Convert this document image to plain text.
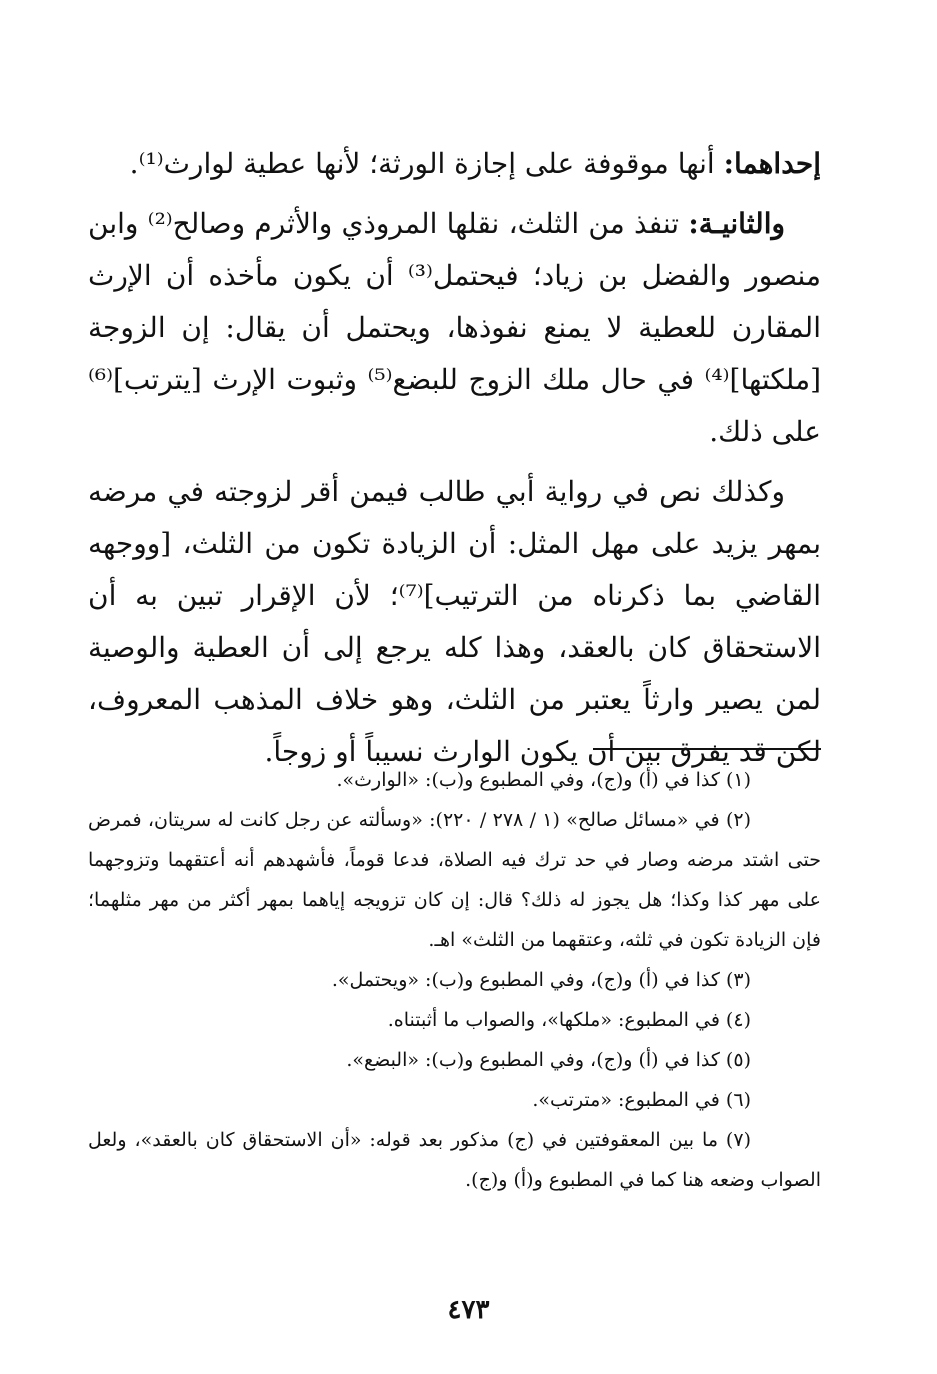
إحداهما: أنها موقوفة على إجازة الورثة؛ لأنها عطية لوارث⁽¹⁾.

والثانيـة: تنفذ من الثلث، نقلها المروذي والأثرم وصالح⁽²⁾ وابن منصور والفضل بن زياد؛ فيحتمل⁽³⁾ أن يكون مأخذه أن الإرث المقارن للعطية لا يمنع نفوذها، ويحتمل أن يقال: إن الزوجة [ملكتها]⁽⁴⁾ في حال ملك الزوج للبضع⁽⁵⁾ وثبوت الإرث [يترتب]⁽⁶⁾ على ذلك.

وكذلك نص في رواية أبي طالب فيمن أقر لزوجته في مرضه بمهر يزيد على مهل المثل: أن الزيادة تكون من الثلث، [ووجهه القاضي بما ذكرناه من الترتيب]⁽⁷⁾؛ لأن الإقرار تبين به أن الاستحقاق كان بالعقد، وهذا كله يرجع إلى أن العطية والوصية لمن يصير وارثاً يعتبر من الثلث، وهو خلاف المذهب المعروف، لكن قد يفرق بين أن يكون الوارث نسيباً أو زوجاً.

(١) كذا في (أ) و(ج)، وفي المطبوع و(ب): «الوارث».

(٢) في «مسائل صالح» (١ / ٢٧٨ / ٢٢٠): «وسألته عن رجل كانت له سريتان، فمرض حتى اشتد مرضه وصار في حد ترك فيه الصلاة، فدعا قوماً، فأشهدهم أنه أعتقهما وتزوجهما على مهر كذا وكذا؛ هل يجوز له ذلك؟ قال: إن كان تزويجه إياهما بمهر أكثر من مهر مثلهما؛ فإن الزيادة تكون في ثلثه، وعتقهما من الثلث» اهـ.

(٣) كذا في (أ) و(ج)، وفي المطبوع و(ب): «ويحتمل».

(٤) في المطبوع: «ملكها»، والصواب ما أثبتناه.

(٥) كذا في (أ) و(ج)، وفي المطبوع و(ب): «البضع».

(٦) في المطبوع: «مترتب».

(٧) ما بين المعقوفتين في (ج) مذكور بعد قوله: «أن الاستحقاق كان بالعقد»، ولعل الصواب وضعه هنا كما في المطبوع و(أ) و(ج).

٤٧٣
